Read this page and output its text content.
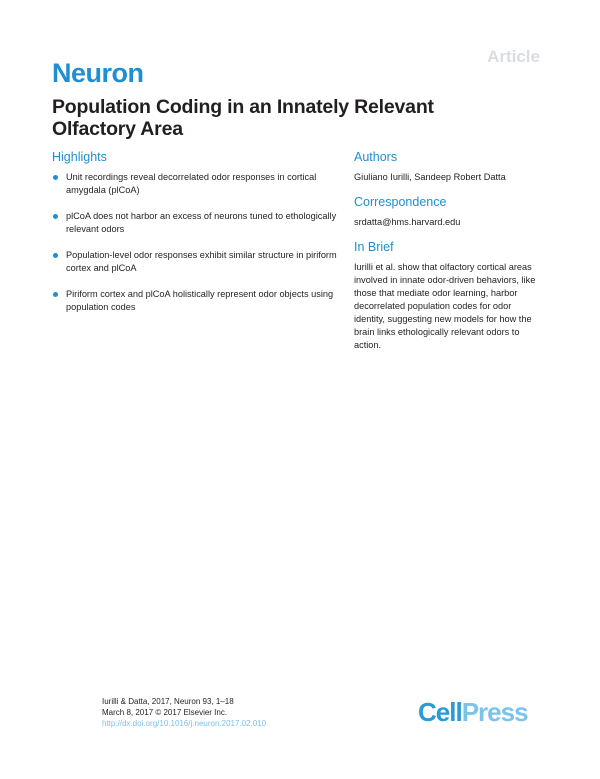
Article
Neuron
Population Coding in an Innately Relevant Olfactory Area
Highlights
Unit recordings reveal decorrelated odor responses in cortical amygdala (plCoA)
plCoA does not harbor an excess of neurons tuned to ethologically relevant odors
Population-level odor responses exhibit similar structure in piriform cortex and plCoA
Piriform cortex and plCoA holistically represent odor objects using population codes
Authors
Giuliano Iurilli, Sandeep Robert Datta
Correspondence
srdatta@hms.harvard.edu
In Brief
Iurilli et al. show that olfactory cortical areas involved in innate odor-driven behaviors, like those that mediate odor learning, harbor decorrelated population codes for odor identity, suggesting new models for how the brain links ethologically relevant odors to action.
Iurilli & Datta, 2017, Neuron 93, 1–18
March 8, 2017 © 2017 Elsevier Inc.
http://dx.doi.org/10.1016/j.neuron.2017.02.010	CellPress
